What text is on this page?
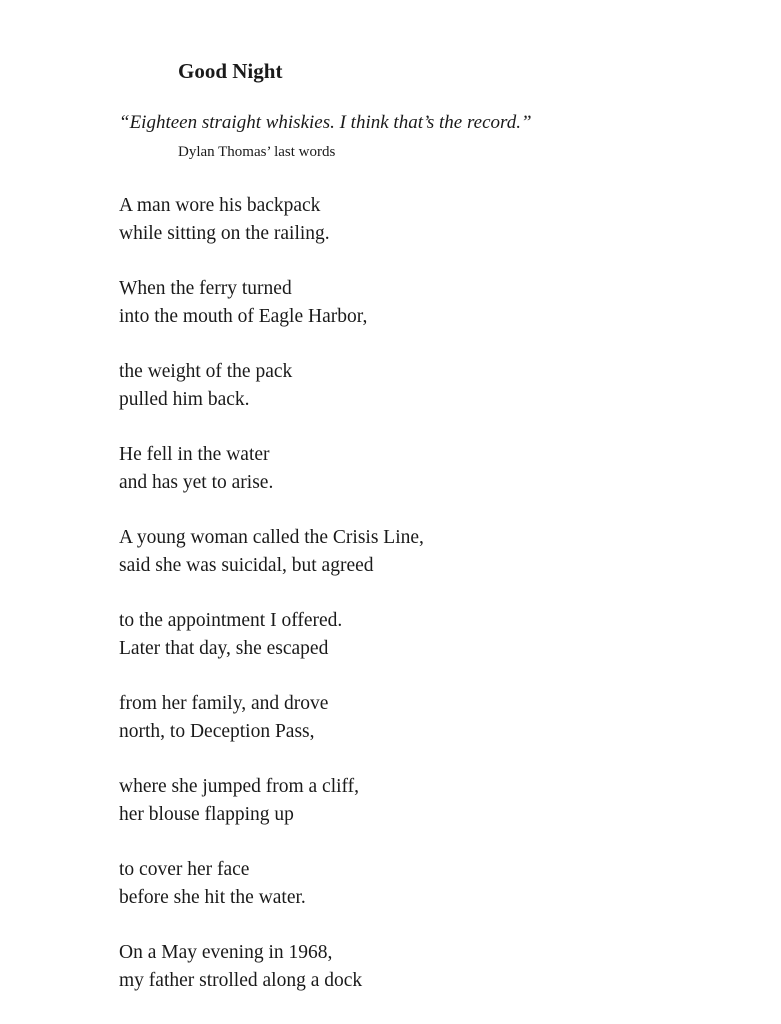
Good Night

“Eighteen straight whiskies. I think that’s the record.”

Dylan Thomas’ last words

A man wore his backpack
while sitting on the railing.
When the ferry turned
into the mouth of Eagle Harbor,
the weight of the pack
pulled him back.
He fell in the water
and has yet to arise.
A young woman called the Crisis Line,
said she was suicidal, but agreed
to the appointment I offered.
Later that day, she escaped
from her family, and drove
north, to Deception Pass,
where she jumped from a cliff,
her blouse flapping up
to cover her face
before she hit the water.
On a May evening in 1968,
my father strolled along a dock
